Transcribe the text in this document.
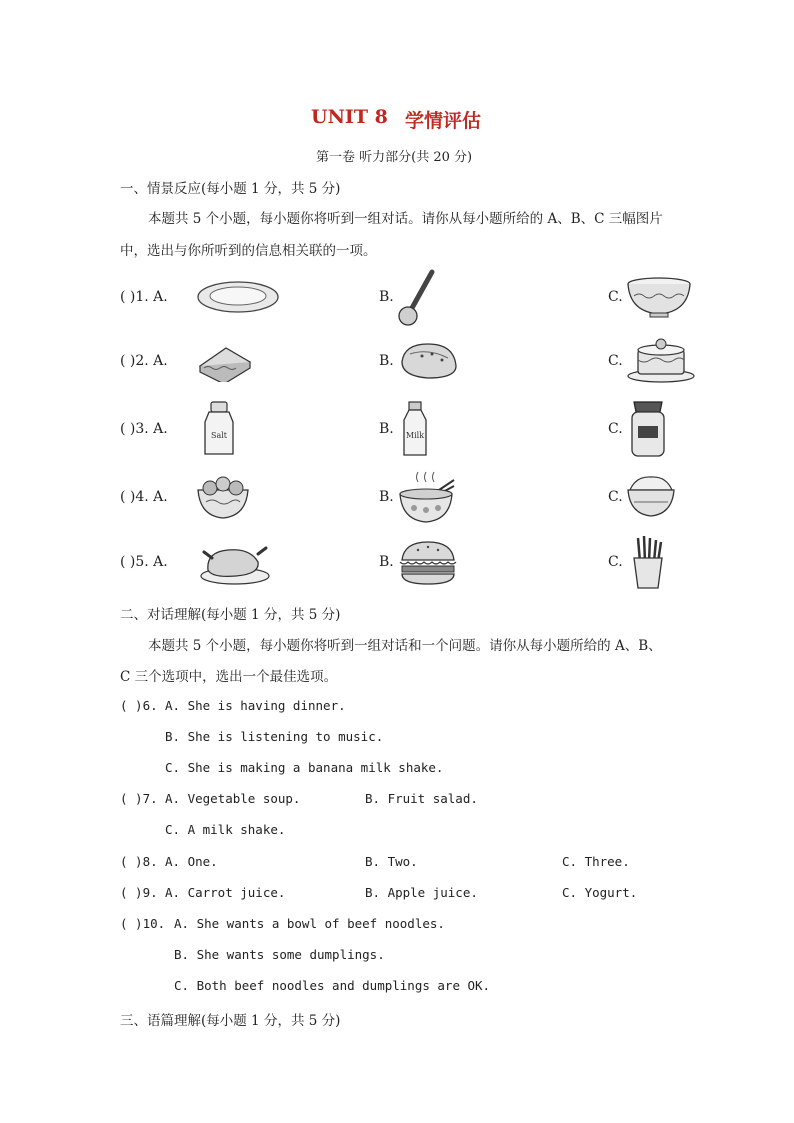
UNIT 8 学情评估
第一卷 听力部分(共 20 分)
一、情景反应(每小题 1 分，共 5 分)
本题共 5 个小题，每小题你将听到一组对话。请你从每小题所给的 A、B、C 三幅图片
中，选出与你所听到的信息相关联的一项。
( )1. A.	B.	C.
( )2. A.	B.	C.
( )3. A.	B.	C.
Salt	Milk
( )4. A.	B.	C.
( )5. A.	B.	C.
二、对话理解(每小题 1 分，共 5 分)
本题共 5 个小题，每小题你将听到一组对话和一个问题。请你从每小题所给的 A、B、
C 三个选项中，选出一个最佳选项。
( )6. A. She is having dinner.
B. She is listening to music.
C. She is making a banana milk shake.
( )7. A. Vegetable soup.	B. Fruit salad.
C. A milk shake.
( )8. A. One.	B. Two.	C. Three.
( )9. A. Carrot juice.	B. Apple juice.	C. Yogurt.
( )10. A. She wants a bowl of beef noodles.
B. She wants some dumplings.
C. Both beef noodles and dumplings are OK.
三、语篇理解(每小题 1 分，共 5 分)
